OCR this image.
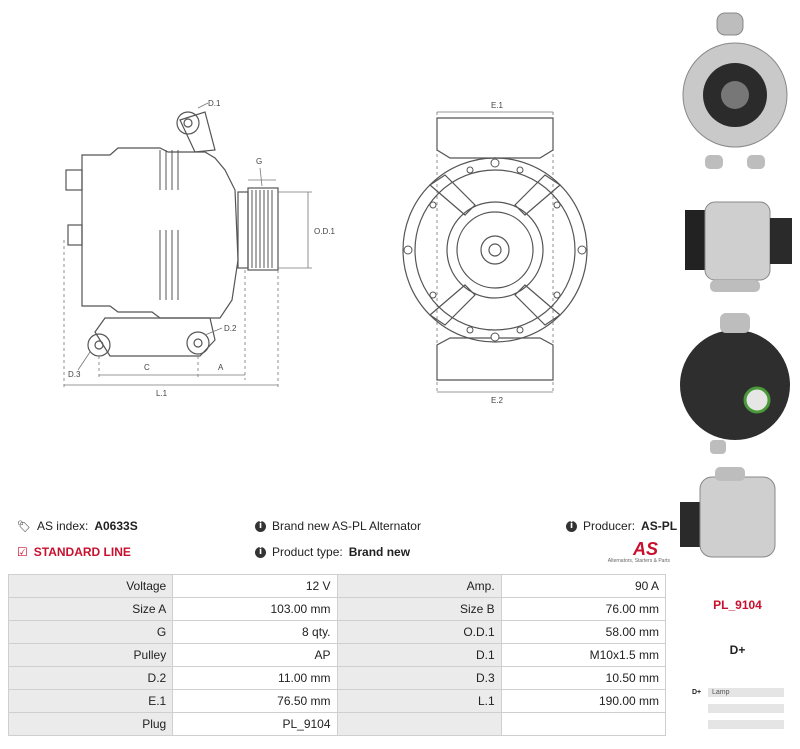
D.1
G
O.D.1
D.2
D.3
C	A
L.1
E.1
E.2
🏷 AS index: A0633S
☑ STANDARD LINE
i Brand new AS-PL Alternator
i Product type: Brand new
i Producer: AS-PL
AS
Alternators, Starters & Parts
Voltage	12 V	Amp.	90 A
Size A	103.00 mm	Size B	76.00 mm
G	8 qty.	O.D.1	58.00 mm
Pulley	AP	D.1	M10x1.5 mm
D.2	11.00 mm	D.3	10.50 mm
E.1	76.50 mm	L.1	190.00 mm
Plug	PL_9104		
PL_9104
D+
D+	Lamp
